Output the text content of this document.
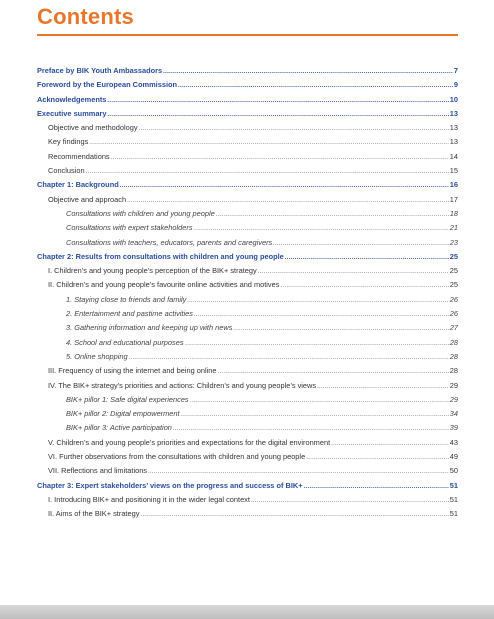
Contents
Preface by BIK Youth Ambassadors .....	7
Foreword by the European Commission .....	9
Acknowledgements .....	10
Executive summary .....	13
Objective and methodology .....	13
Key findings .....	13
Recommendations .....	14
Conclusion .....	15
Chapter 1: Background .....	16
Objective and approach .....	17
Consultations with children and young people .....	18
Consultations with expert stakeholders .....	21
Consultations with teachers, educators, parents and caregivers .....	23
Chapter 2: Results from consultations with children and young people .....	25
I. Children’s and young people’s perception of the BIK+ strategy .....	25
II. Children’s and young people’s favourite online activities and motives .....	25
1. Staying close to friends and family .....	26
2. Entertainment and pastime activities .....	26
3. Gathering information and keeping up with news .....	27
4. School and educational purposes .....	28
5. Online shopping .....	28
III. Frequency of using the internet and being online .....	28
IV. The BIK+ strategy’s priorities and actions: Children’s and young people’s views .....	29
BIK+ pillor 1: Safe digital experiences .....	29
BIK+ pillor 2: Digital empowerment .....	34
BIK+ pillor 3: Active participation .....	39
V. Children’s and young people’s priorities and expectations for the digital environment .....	43
VI. Further observations from the consultations with children and young people .....	49
VII. Reflections and limitations .....	50
Chapter 3: Expert stakeholders’ views on the progress and success of BIK+ .....	51
I. Introducing BIK+ and positioning it in the wider legal context .....	51
II. Aims of the BIK+ strategy .....	51
